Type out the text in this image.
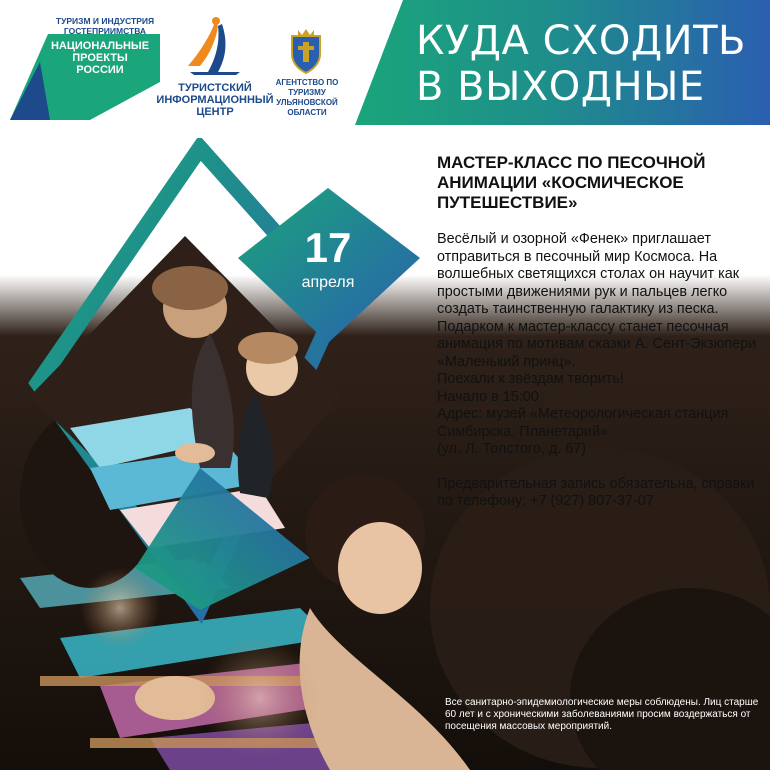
ТУРИЗМ И ИНДУСТРИЯ ГОСТЕПРИИМСТВА
НАЦИОНАЛЬНЫЕ ПРОЕКТЫ РОССИИ
ТУРИСТСКИЙ ИНФОРМАЦИОННЫЙ ЦЕНТР
АГЕНТСТВО ПО ТУРИЗМУ УЛЬЯНОВСКОЙ ОБЛАСТИ
КУДА СХОДИТЬ В ВЫХОДНЫЕ
17
апреля
МАСТЕР-КЛАСС ПО ПЕСОЧНОЙ АНИМАЦИИ «КОСМИЧЕСКОЕ ПУТЕШЕСТВИЕ»

Весёлый и озорной «Фенек» приглашает отправиться в песочный мир Космоса. На волшебных светящихся столах он научит как простыми движениями рук и пальцев легко создать таинственную галактику из песка.

Подарком к мастер-классу станет песочная анимация по мотивам сказки А. Сент-Экзюпери «Маленький принц».

Поехали к звёздам творить!

Начало в 15:00

Адрес: музей «Метеорологическая станция Симбирска. Планетарий»
(ул. Л. Толстого, д. 67)

Предварительная запись обязательна, справки по телефону: +7 (927) 807-37-07

Все санитарно-эпидемиологические меры соблюдены. Лиц старше 60 лет и с хроническими заболеваниями просим воздержаться от посещения массовых мероприятий.
